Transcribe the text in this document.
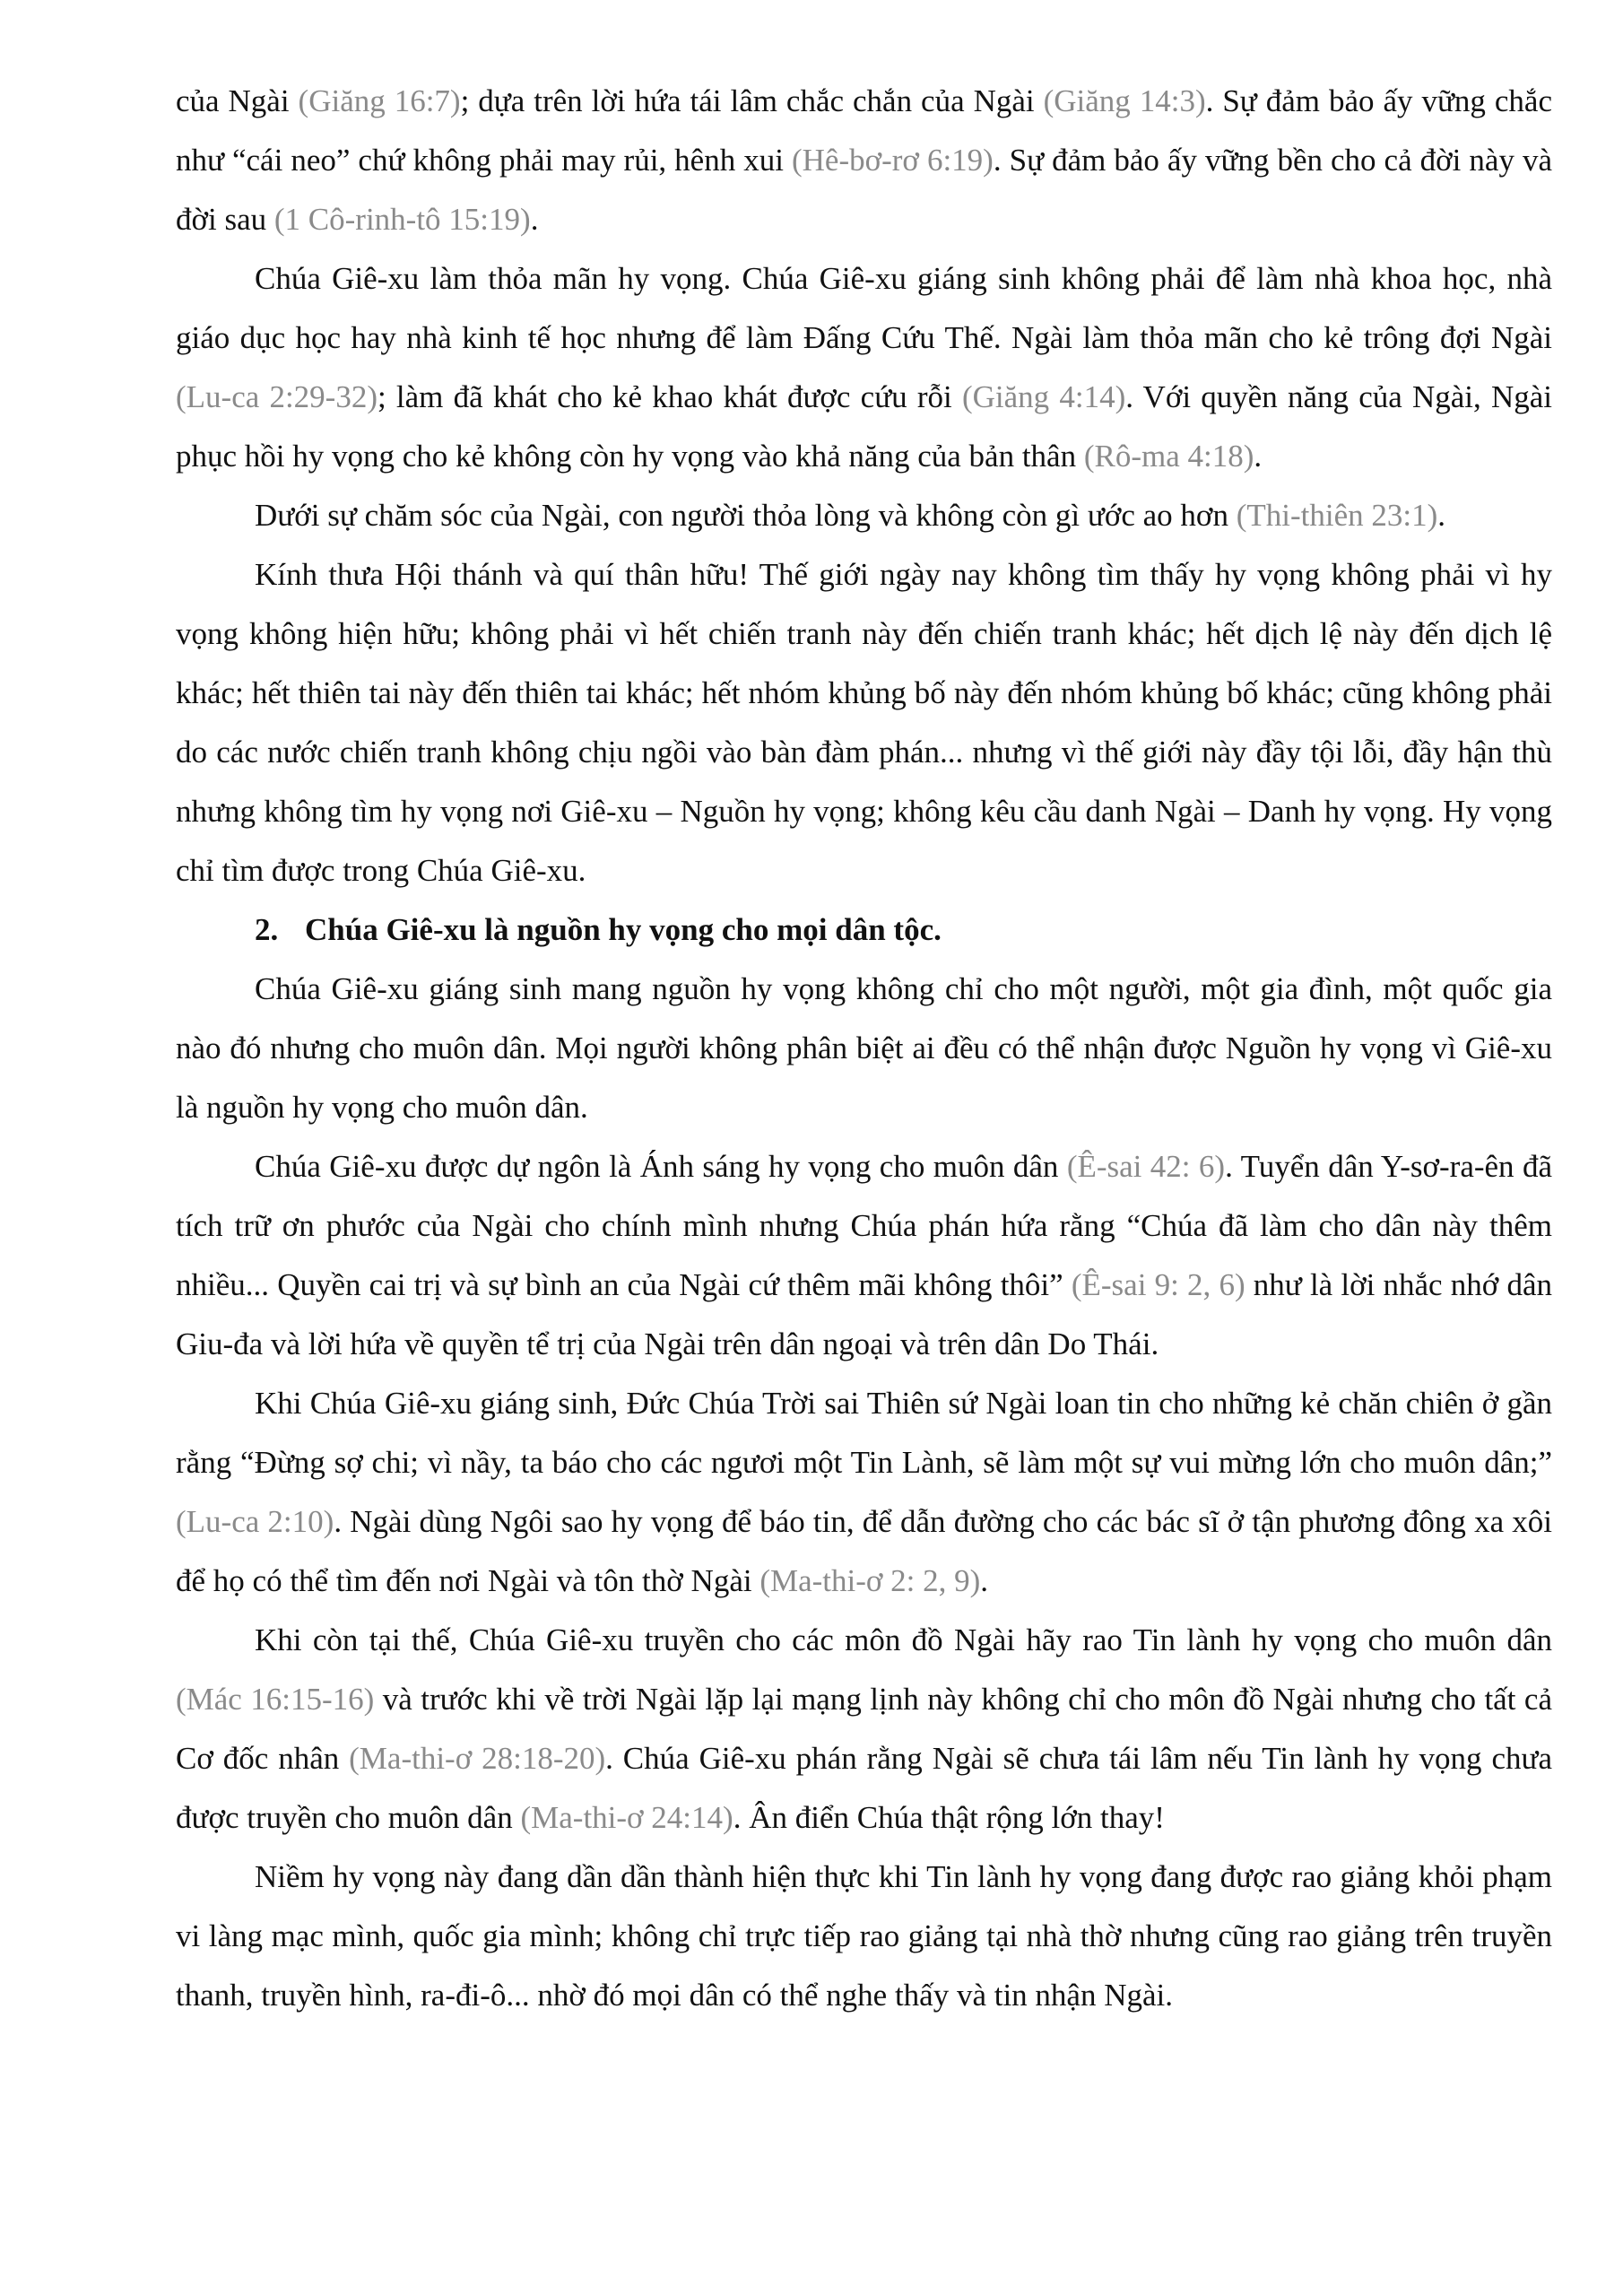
của Ngài (Giăng 16:7); dựa trên lời hứa tái lâm chắc chắn của Ngài (Giăng 14:3). Sự đảm bảo ấy vững chắc như “cái neo” chứ không phải may rủi, hênh xui (Hê-bơ-rơ 6:19). Sự đảm bảo ấy vững bền cho cả đời này và đời sau (1 Cô-rinh-tô 15:19).

Chúa Giê-xu làm thỏa mãn hy vọng. Chúa Giê-xu giáng sinh không phải để làm nhà khoa học, nhà giáo dục học hay nhà kinh tế học nhưng để làm Đấng Cứu Thế. Ngài làm thỏa mãn cho kẻ trông đợi Ngài (Lu-ca 2:29-32); làm đã khát cho kẻ khao khát được cứu rỗi (Giăng 4:14). Với quyền năng của Ngài, Ngài phục hồi hy vọng cho kẻ không còn hy vọng vào khả năng của bản thân (Rô-ma 4:18).

Dưới sự chăm sóc của Ngài, con người thỏa lòng và không còn gì ước ao hơn (Thi-thiên 23:1).

Kính thưa Hội thánh và quí thân hữu! Thế giới ngày nay không tìm thấy hy vọng không phải vì hy vọng không hiện hữu; không phải vì hết chiến tranh này đến chiến tranh khác; hết dịch lệ này đến dịch lệ khác; hết thiên tai này đến thiên tai khác; hết nhóm khủng bố này đến nhóm khủng bố khác; cũng không phải do các nước chiến tranh không chịu ngồi vào bàn đàm phán... nhưng vì thế giới này đầy tội lỗi, đầy hận thù nhưng không tìm hy vọng nơi Giê-xu – Nguồn hy vọng; không kêu cầu danh Ngài – Danh hy vọng. Hy vọng chỉ tìm được trong Chúa Giê-xu.

2. Chúa Giê-xu là nguồn hy vọng cho mọi dân tộc.

Chúa Giê-xu giáng sinh mang nguồn hy vọng không chỉ cho một người, một gia đình, một quốc gia nào đó nhưng cho muôn dân. Mọi người không phân biệt ai đều có thể nhận được Nguồn hy vọng vì Giê-xu là nguồn hy vọng cho muôn dân.

Chúa Giê-xu được dự ngôn là Ánh sáng hy vọng cho muôn dân (Ê-sai 42: 6). Tuyển dân Y-sơ-ra-ên đã tích trữ ơn phước của Ngài cho chính mình nhưng Chúa phán hứa rằng “Chúa đã làm cho dân này thêm nhiều... Quyền cai trị và sự bình an của Ngài cứ thêm mãi không thôi” (Ê-sai 9: 2, 6) như là lời nhắc nhớ dân Giu-đa và lời hứa về quyền tể trị của Ngài trên dân ngoại và trên dân Do Thái.

Khi Chúa Giê-xu giáng sinh, Đức Chúa Trời sai Thiên sứ Ngài loan tin cho những kẻ chăn chiên ở gần rằng “Đừng sợ chi; vì nầy, ta báo cho các ngươi một Tin Lành, sẽ làm một sự vui mừng lớn cho muôn dân;” (Lu-ca 2:10). Ngài dùng Ngôi sao hy vọng để báo tin, để dẫn đường cho các bác sĩ ở tận phương đông xa xôi để họ có thể tìm đến nơi Ngài và tôn thờ Ngài (Ma-thi-ơ 2: 2, 9).

Khi còn tại thế, Chúa Giê-xu truyền cho các môn đồ Ngài hãy rao Tin lành hy vọng cho muôn dân (Mác 16:15-16) và trước khi về trời Ngài lặp lại mạng lịnh này không chỉ cho môn đồ Ngài nhưng cho tất cả Cơ đốc nhân (Ma-thi-ơ 28:18-20). Chúa Giê-xu phán rằng Ngài sẽ chưa tái lâm nếu Tin lành hy vọng chưa được truyền cho muôn dân (Ma-thi-ơ 24:14). Ân điển Chúa thật rộng lớn thay!

Niềm hy vọng này đang dần dần thành hiện thực khi Tin lành hy vọng đang được rao giảng khỏi phạm vi làng mạc mình, quốc gia mình; không chỉ trực tiếp rao giảng tại nhà thờ nhưng cũng rao giảng trên truyền thanh, truyền hình, ra-đi-ô... nhờ đó mọi dân có thể nghe thấy và tin nhận Ngài.
